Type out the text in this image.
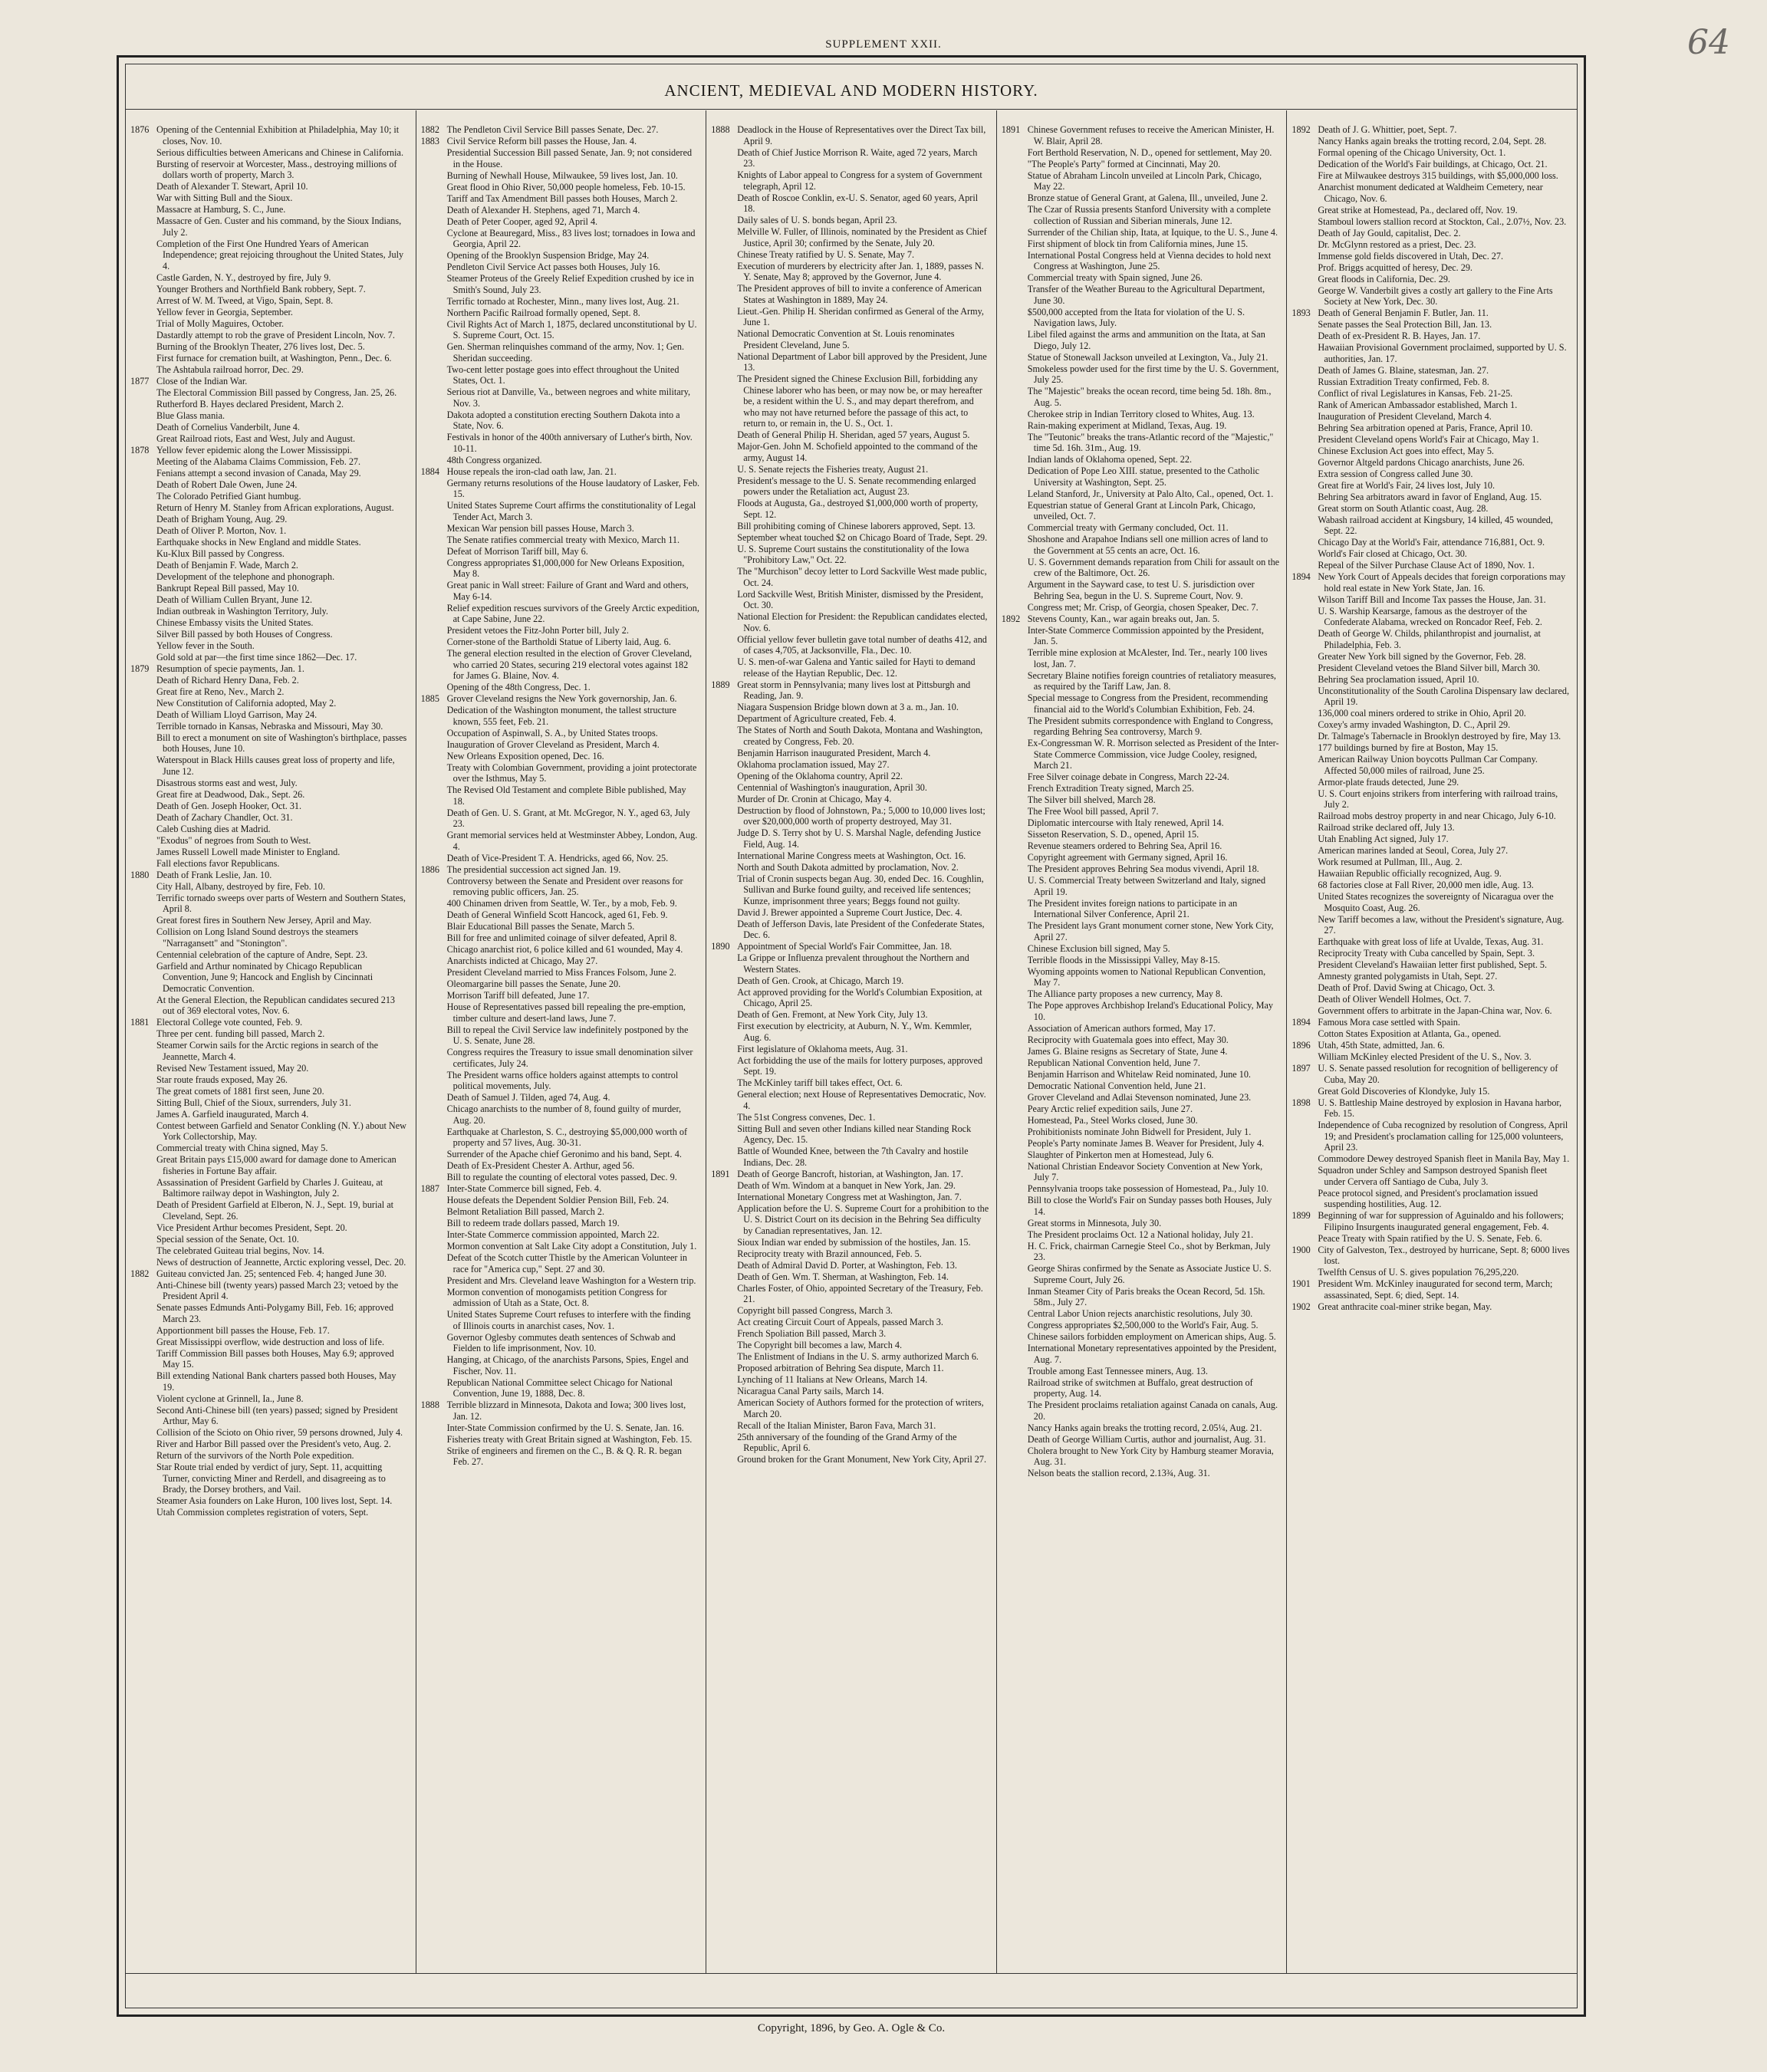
SUPPLEMENT XXII.	64
ANCIENT, MEDIEVAL AND MODERN HISTORY.
1876 Opening of the Centennial Exhibition at Philadelphia, May 10; it closes, Nov. 10.
Serious difficulties between Americans and Chinese in California.
Bursting of reservoir at Worcester, Mass., destroying millions of dollars worth of property, March 3.
Death of Alexander T. Stewart, April 10.
War with Sitting Bull and the Sioux.
Massacre at Hamburg, S. C., June.
Massacre of Gen. Custer and his command, by the Sioux Indians, July 2.
Completion of the First One Hundred Years of American Independence; great rejoicing throughout the United States, July 4.
Castle Garden, N. Y., destroyed by fire, July 9.
Younger Brothers and Northfield Bank robbery, Sept. 7.
Arrest of W. M. Tweed, at Vigo, Spain, Sept. 8.
Yellow fever in Georgia, September.
Trial of Molly Maguires, October.
Dastardly attempt to rob the grave of President Lincoln, Nov. 7.
Burning of the Brooklyn Theater, 276 lives lost, Dec. 5.
First furnace for cremation built, at Washington, Penn., Dec. 6.
The Ashtabula railroad horror, Dec. 29.
1877 Close of the Indian War.
The Electoral Commission Bill passed by Congress, Jan. 25, 26.
Rutherford B. Hayes declared President, March 2.
Blue Glass mania.
Death of Cornelius Vanderbilt, June 4.
Great Railroad riots, East and West, July and August.
1878 Yellow fever epidemic along the Lower Mississippi.
Meeting of the Alabama Claims Commission, Feb. 27.
Fenians attempt a second invasion of Canada, May 29.
Death of Robert Dale Owen, June 24.
The Colorado Petrified Giant humbug.
Return of Henry M. Stanley from African explorations, August.
Death of Brigham Young, Aug. 29.
Death of Oliver P. Morton, Nov. 1.
Earthquake shocks in New England and middle States.
Ku-Klux Bill passed by Congress.
Death of Benjamin F. Wade, March 2.
Development of the telephone and phonograph.
Bankrupt Repeal Bill passed, May 10.
Death of William Cullen Bryant, June 12.
Indian outbreak in Washington Territory, July.
Chinese Embassy visits the United States.
Silver Bill passed by both Houses of Congress.
Yellow fever in the South.
Gold sold at par—the first time since 1862—Dec. 17.
1879 Resumption of specie payments, Jan. 1.
Death of Richard Henry Dana, Feb. 2.
Great fire at Reno, Nev., March 2.
New Constitution of California adopted, May 2.
Death of William Lloyd Garrison, May 24.
Terrible tornado in Kansas, Nebraska and Missouri, May 30.
Bill to erect a monument on site of Washington's birthplace, passes both Houses, June 10.
Waterspout in Black Hills causes great loss of property and life, June 12.
Disastrous storms east and west, July.
Great fire at Deadwood, Dak., Sept. 26.
Death of Gen. Joseph Hooker, Oct. 31.
Death of Zachary Chandler, Oct. 31.
Caleb Cushing dies at Madrid.
"Exodus" of negroes from South to West.
James Russell Lowell made Minister to England.
Fall elections favor Republicans.
1880 Death of Frank Leslie, Jan. 10.
City Hall, Albany, destroyed by fire, Feb. 10.
Terrific tornado sweeps over parts of Western and Southern States, April 8.
Great forest fires in Southern New Jersey, April and May.
Collision on Long Island Sound destroys the steamers "Narragansett" and "Stonington".
Centennial celebration of the capture of Andre, Sept. 23.
Garfield and Arthur nominated by Chicago Republican Convention, June 9; Hancock and English by Cincinnati Democratic Convention.
At the General Election, the Republican candidates secured 213 out of 369 electoral votes, Nov. 6.
1881 Electoral College vote counted, Feb. 9.
Three per cent. funding bill passed, March 2.
Steamer Corwin sails for the Arctic regions in search of the Jeannette, March 4.
Revised New Testament issued, May 20.
Star route frauds exposed, May 26.
The great comets of 1881 first seen, June 20.
Sitting Bull, Chief of the Sioux, surrenders, July 31.
James A. Garfield inaugurated, March 4.
Contest between Garfield and Senator Conkling (N. Y.) about New York Collectorship, May.
Commercial treaty with China signed, May 5.
Great Britain pays £15,000 award for damage done to American fisheries in Fortune Bay affair.
Assassination of President Garfield by Charles J. Guiteau, at Baltimore railway depot in Washington, July 2.
Death of President Garfield at Elberon, N. J., Sept. 19, burial at Cleveland, Sept. 26.
Vice President Arthur becomes President, Sept. 20.
Special session of the Senate, Oct. 10.
The celebrated Guiteau trial begins, Nov. 14.
News of destruction of Jeannette, Arctic exploring vessel, Dec. 20.
1882 Guiteau convicted Jan. 25; sentenced Feb. 4; hanged June 30.
Anti-Chinese bill (twenty years) passed March 23; vetoed by the President April 4.
Senate passes Edmunds Anti-Polygamy Bill, Feb. 16; approved March 23.
Apportionment bill passes the House, Feb. 17.
Great Mississippi overflow, wide destruction and loss of life.
Tariff Commission Bill passes both Houses, May 6.9; approved May 15.
Bill extending National Bank charters passed both Houses, May 19.
Violent cyclone at Grinnell, Ia., June 8.
Second Anti-Chinese bill (ten years) passed; signed by President Arthur, May 6.
Collision of the Scioto on Ohio river, 59 persons drowned, July 4.
River and Harbor Bill passed over the President's veto, Aug. 2.
Return of the survivors of the North Pole expedition.
Star Route trial ended by verdict of jury, Sept. 11, acquitting Turner, convicting Miner and Rerdell, and disagreeing as to Brady, the Dorsey brothers, and Vail.
Steamer Asia founders on Lake Huron, 100 lives lost, Sept. 14.
Utah Commission completes registration of voters, Sept.
1882 The Pendleton Civil Service Bill passes Senate, Dec. 27.
1883 Civil Service Reform bill passes the House, Jan. 4.
Presidential Succession Bill passed Senate, Jan. 9; not considered in the House.
Burning of Newhall House, Milwaukee, 59 lives lost, Jan. 10.
Great flood in Ohio River, 50,000 people homeless, Feb. 10-15.
Tariff and Tax Amendment Bill passes both Houses, March 2.
Death of Alexander H. Stephens, aged 71, March 4.
Death of Peter Cooper, aged 92, April 4.
Cyclone at Beauregard, Miss., 83 lives lost; tornadoes in Iowa and Georgia, April 22.
Opening of the Brooklyn Suspension Bridge, May 24.
Pendleton Civil Service Act passes both Houses, July 16.
Steamer Proteus of the Greely Relief Expedition crushed by ice in Smith's Sound, July 23.
Terrific tornado at Rochester, Minn., many lives lost, Aug. 21.
Northern Pacific Railroad formally opened, Sept. 8.
Civil Rights Act of March 1, 1875, declared unconstitutional by U. S. Supreme Court, Oct. 15.
Gen. Sherman relinquishes command of the army, Nov. 1; Gen. Sheridan succeeding.
Two-cent letter postage goes into effect throughout the United States, Oct. 1.
Serious riot at Danville, Va., between negroes and white military, Nov. 3.
Dakota adopted a constitution erecting Southern Dakota into a State, Nov. 6.
Festivals in honor of the 400th anniversary of Luther's birth, Nov. 10-11.
48th Congress organized.
1884 House repeals the iron-clad oath law, Jan. 21.
Germany returns resolutions of the House laudatory of Lasker, Feb. 15.
United States Supreme Court affirms the constitutionality of Legal Tender Act, March 3.
Mexican War pension bill passes House, March 3.
The Senate ratifies commercial treaty with Mexico, March 11.
Defeat of Morrison Tariff bill, May 6.
Congress appropriates $1,000,000 for New Orleans Exposition, May 8.
Great panic in Wall street: Failure of Grant and Ward and others, May 6-14.
Relief expedition rescues survivors of the Greely Arctic expedition, at Cape Sabine, June 22.
President vetoes the Fitz-John Porter bill, July 2.
Corner-stone of the Bartholdi Statue of Liberty laid, Aug. 6.
The general election resulted in the election of Grover Cleveland, who carried 20 States, securing 219 electoral votes against 182 for James G. Blaine, Nov. 4.
Opening of the 48th Congress, Dec. 1.
1885 Grover Cleveland resigns the New York governorship, Jan. 6.
Dedication of the Washington monument, the tallest structure known, 555 feet, Feb. 21.
Occupation of Aspinwall, S. A., by United States troops.
Inauguration of Grover Cleveland as President, March 4.
New Orleans Exposition opened, Dec. 16.
Treaty with Colombian Government, providing a joint protectorate over the Isthmus, May 5.
The Revised Old Testament and complete Bible published, May 18.
Death of Gen. U. S. Grant, at Mt. McGregor, N. Y., aged 63, July 23.
Grant memorial services held at Westminster Abbey, London, Aug. 4.
Death of Vice-President T. A. Hendricks, aged 66, Nov. 25.
1886 The presidential succession act signed Jan. 19.
Controversy between the Senate and President over reasons for removing public officers, Jan. 25.
400 Chinamen driven from Seattle, W. Ter., by a mob, Feb. 9.
Death of General Winfield Scott Hancock, aged 61, Feb. 9.
Blair Educational Bill passes the Senate, March 5.
Bill for free and unlimited coinage of silver defeated, April 8.
Chicago anarchist riot, 6 police killed and 61 wounded, May 4.
Anarchists indicted at Chicago, May 27.
President Cleveland married to Miss Frances Folsom, June 2.
Oleomargarine bill passes the Senate, June 20.
Morrison Tariff bill defeated, June 17.
House of Representatives passed bill repealing the pre-emption, timber culture and desert-land laws, June 7.
Bill to repeal the Civil Service law indefinitely postponed by the U. S. Senate, June 28.
Congress requires the Treasury to issue small denomination silver certificates, July 24.
The President warns office holders against attempts to control political movements, July.
Death of Samuel J. Tilden, aged 74, Aug. 4.
Chicago anarchists to the number of 8, found guilty of murder, Aug. 20.
Earthquake at Charleston, S. C., destroying $5,000,000 worth of property and 57 lives, Aug. 30-31.
Surrender of the Apache chief Geronimo and his band, Sept. 4.
Death of Ex-President Chester A. Arthur, aged 56.
Bill to regulate the counting of electoral votes passed, Dec. 9.
1887 Inter-State Commerce bill signed, Feb. 4.
House defeats the Dependent Soldier Pension Bill, Feb. 24.
Belmont Retaliation Bill passed, March 2.
Bill to redeem trade dollars passed, March 19.
Inter-State Commerce commission appointed, March 22.
Mormon convention at Salt Lake City adopt a Constitution, July 1.
Defeat of the Scotch cutter Thistle by the American Volunteer in race for "America cup," Sept. 27 and 30.
President and Mrs. Cleveland leave Washington for a Western trip.
Mormon convention of monogamists petition Congress for admission of Utah as a State, Oct. 8.
United States Supreme Court refuses to interfere with the finding of Illinois courts in anarchist cases, Nov. 1.
Governor Oglesby commutes death sentences of Schwab and Fielden to life imprisonment, Nov. 10.
Hanging, at Chicago, of the anarchists Parsons, Spies, Engel and Fischer, Nov. 11.
Republican National Committee select Chicago for National Convention, June 19, 1888, Dec. 8.
1888 Terrible blizzard in Minnesota, Dakota and Iowa; 300 lives lost, Jan. 12.
Inter-State Commission confirmed by the U. S. Senate, Jan. 16.
Fisheries treaty with Great Britain signed at Washington, Feb. 15.
Strike of engineers and firemen on the C., B. & Q. R. R. began Feb. 27.
1888 Deadlock in the House of Representatives over the Direct Tax bill, April 9.
Death of Chief Justice Morrison R. Waite, aged 72 years, March 23.
Knights of Labor appeal to Congress for a system of Government telegraph, April 12.
Death of Roscoe Conklin, ex-U. S. Senator, aged 60 years, April 18.
Daily sales of U. S. bonds began, April 23.
Melville W. Fuller, of Illinois, nominated by the President as Chief Justice, April 30; confirmed by the Senate, July 20.
Chinese Treaty ratified by U. S. Senate, May 7.
Execution of murderers by electricity after Jan. 1, 1889, passes N. Y. Senate, May 8; approved by the Governor, June 4.
The President approves of bill to invite a conference of American States at Washington in 1889, May 24.
Lieut.-Gen. Philip H. Sheridan confirmed as General of the Army, June 1.
National Democratic Convention at St. Louis renominates President Cleveland, June 5.
National Department of Labor bill approved by the President, June 13.
The President signed the Chinese Exclusion Bill, forbidding any Chinese laborer who has been, or may now be, or may hereafter be, a resident within the U. S., and may depart therefrom, and who may not have returned before the passage of this act, to return to, or remain in, the U. S., Oct. 1.
Death of General Philip H. Sheridan, aged 57 years, August 5.
Major-Gen. John M. Schofield appointed to the command of the army, August 14.
U. S. Senate rejects the Fisheries treaty, August 21.
President's message to the U. S. Senate recommending enlarged powers under the Retaliation act, August 23.
Floods at Augusta, Ga., destroyed $1,000,000 worth of property, Sept. 12.
Bill prohibiting coming of Chinese laborers approved, Sept. 13.
September wheat touched $2 on Chicago Board of Trade, Sept. 29.
U. S. Supreme Court sustains the constitutionality of the Iowa "Prohibitory Law," Oct. 22.
The "Murchison" decoy letter to Lord Sackville West made public, Oct. 24.
Lord Sackville West, British Minister, dismissed by the President, Oct. 30.
National Election for President: the Republican candidates elected, Nov. 6.
Official yellow fever bulletin gave total number of deaths 412, and of cases 4,705, at Jacksonville, Fla., Dec. 10.
U. S. men-of-war Galena and Yantic sailed for Hayti to demand release of the Haytian Republic, Dec. 12.
1889 Great storm in Pennsylvania; many lives lost at Pittsburgh and Reading, Jan. 9.
Niagara Suspension Bridge blown down at 3 a. m., Jan. 10.
Department of Agriculture created, Feb. 4.
The States of North and South Dakota, Montana and Washington, created by Congress, Feb. 20.
Benjamin Harrison inaugurated President, March 4.
Oklahoma proclamation issued, May 27.
Opening of the Oklahoma country, April 22.
Centennial of Washington's inauguration, April 30.
Murder of Dr. Cronin at Chicago, May 4.
Destruction by flood of Johnstown, Pa.; 5,000 to 10,000 lives lost; over $20,000,000 worth of property destroyed, May 31.
Judge D. S. Terry shot by U. S. Marshal Nagle, defending Justice Field, Aug. 14.
International Marine Congress meets at Washington, Oct. 16.
North and South Dakota admitted by proclamation, Nov. 2.
Trial of Cronin suspects began Aug. 30, ended Dec. 16. Coughlin, Sullivan and Burke found guilty, and received life sentences; Kunze, imprisonment three years; Beggs found not guilty.
David J. Brewer appointed a Supreme Court Justice, Dec. 4.
Death of Jefferson Davis, late President of the Confederate States, Dec. 6.
1890 Appointment of Special World's Fair Committee, Jan. 18.
La Grippe or Influenza prevalent throughout the Northern and Western States.
Death of Gen. Crook, at Chicago, March 19.
Act approved providing for the World's Columbian Exposition, at Chicago, April 25.
Death of Gen. Fremont, at New York City, July 13.
First execution by electricity, at Auburn, N. Y., Wm. Kemmler, Aug. 6.
First legislature of Oklahoma meets, Aug. 31.
Act forbidding the use of the mails for lottery purposes, approved Sept. 19.
The McKinley tariff bill takes effect, Oct. 6.
General election; next House of Representatives Democratic, Nov. 4.
The 51st Congress convenes, Dec. 1.
Sitting Bull and seven other Indians killed near Standing Rock Agency, Dec. 15.
Battle of Wounded Knee, between the 7th Cavalry and hostile Indians, Dec. 28.
1891 Death of George Bancroft, historian, at Washington, Jan. 17.
Death of Wm. Windom at a banquet in New York, Jan. 29.
International Monetary Congress met at Washington, Jan. 7.
Application before the U. S. Supreme Court for a prohibition to the U. S. District Court on its decision in the Behring Sea difficulty by Canadian representatives, Jan. 12.
Sioux Indian war ended by submission of the hostiles, Jan. 15.
Reciprocity treaty with Brazil announced, Feb. 5.
Death of Admiral David D. Porter, at Washington, Feb. 13.
Death of Gen. Wm. T. Sherman, at Washington, Feb. 14.
Charles Foster, of Ohio, appointed Secretary of the Treasury, Feb. 21.
Copyright bill passed Congress, March 3.
Act creating Circuit Court of Appeals, passed March 3.
French Spoliation Bill passed, March 3.
The Copyright bill becomes a law, March 4.
The Enlistment of Indians in the U. S. army authorized March 6.
Proposed arbitration of Behring Sea dispute, March 11.
Lynching of 11 Italians at New Orleans, March 14.
Nicaragua Canal Party sails, March 14.
American Society of Authors formed for the protection of writers, March 20.
Recall of the Italian Minister, Baron Fava, March 31.
25th anniversary of the founding of the Grand Army of the Republic, April 6.
Ground broken for the Grant Monument, New York City, April 27.
1891 Chinese Government refuses to receive the American Minister, H. W. Blair, April 28.
Fort Berthold Reservation, N. D., opened for settlement, May 20.
"The People's Party" formed at Cincinnati, May 20.
Statue of Abraham Lincoln unveiled at Lincoln Park, Chicago, May 22.
Bronze statue of General Grant, at Galena, Ill., unveiled, June 2.
The Czar of Russia presents Stanford University with a complete collection of Russian and Siberian minerals, June 12.
Surrender of the Chilian ship, Itata, at Iquique, to the U. S., June 4.
First shipment of block tin from California mines, June 15.
International Postal Congress held at Vienna decides to hold next Congress at Washington, June 25.
Commercial treaty with Spain signed, June 26.
Transfer of the Weather Bureau to the Agricultural Department, June 30.
$500,000 accepted from the Itata for violation of the U. S. Navigation laws, July.
Libel filed against the arms and ammunition on the Itata, at San Diego, July 12.
Statue of Stonewall Jackson unveiled at Lexington, Va., July 21.
Smokeless powder used for the first time by the U. S. Government, July 25.
The "Majestic" breaks the ocean record, time being 5d. 18h. 8m., Aug. 5.
Cherokee strip in Indian Territory closed to Whites, Aug. 13.
Rain-making experiment at Midland, Texas, Aug. 19.
The "Teutonic" breaks the trans-Atlantic record of the "Majestic," time 5d. 16h. 31m., Aug. 19.
Indian lands of Oklahoma opened, Sept. 22.
Dedication of Pope Leo XIII. statue, presented to the Catholic University at Washington, Sept. 25.
Leland Stanford, Jr., University at Palo Alto, Cal., opened, Oct. 1.
Equestrian statue of General Grant at Lincoln Park, Chicago, unveiled, Oct. 7.
Commercial treaty with Germany concluded, Oct. 11.
Shoshone and Arapahoe Indians sell one million acres of land to the Government at 55 cents an acre, Oct. 16.
U. S. Government demands reparation from Chili for assault on the crew of the Baltimore, Oct. 26.
Argument in the Sayward case, to test U. S. jurisdiction over Behring Sea, begun in the U. S. Supreme Court, Nov. 9.
Congress met; Mr. Crisp, of Georgia, chosen Speaker, Dec. 7.
1892 Stevens County, Kan., war again breaks out, Jan. 5.
Inter-State Commerce Commission appointed by the President, Jan. 5.
Terrible mine explosion at McAlester, Ind. Ter., nearly 100 lives lost, Jan. 7.
Secretary Blaine notifies foreign countries of retaliatory measures, as required by the Tariff Law, Jan. 8.
Special message to Congress from the President, recommending financial aid to the World's Columbian Exhibition, Feb. 24.
The President submits correspondence with England to Congress, regarding Behring Sea controversy, March 9.
Ex-Congressman W. R. Morrison selected as President of the Inter-State Commerce Commission, vice Judge Cooley, resigned, March 21.
Free Silver coinage debate in Congress, March 22-24.
French Extradition Treaty signed, March 25.
The Silver bill shelved, March 28.
The Free Wool bill passed, April 7.
Diplomatic intercourse with Italy renewed, April 14.
Sisseton Reservation, S. D., opened, April 15.
Revenue steamers ordered to Behring Sea, April 16.
Copyright agreement with Germany signed, April 16.
The President approves Behring Sea modus vivendi, April 18.
U. S. Commercial Treaty between Switzerland and Italy, signed April 19.
The President invites foreign nations to participate in an International Silver Conference, April 21.
The President lays Grant monument corner stone, New York City, April 27.
Chinese Exclusion bill signed, May 5.
Terrible floods in the Mississippi Valley, May 8-15.
Wyoming appoints women to National Republican Convention, May 7.
The Alliance party proposes a new currency, May 8.
The Pope approves Archbishop Ireland's Educational Policy, May 10.
Association of American authors formed, May 17.
Reciprocity with Guatemala goes into effect, May 30.
James G. Blaine resigns as Secretary of State, June 4.
Republican National Convention held, June 7.
Benjamin Harrison and Whitelaw Reid nominated, June 10.
Democratic National Convention held, June 21.
Grover Cleveland and Adlai Stevenson nominated, June 23.
Peary Arctic relief expedition sails, June 27.
Homestead, Pa., Steel Works closed, June 30.
Prohibitionists nominate John Bidwell for President, July 1.
People's Party nominate James B. Weaver for President, July 4.
Slaughter of Pinkerton men at Homestead, July 6.
National Christian Endeavor Society Convention at New York, July 7.
Pennsylvania troops take possession of Homestead, Pa., July 10.
Bill to close the World's Fair on Sunday passes both Houses, July 14.
Great storms in Minnesota, July 30.
The President proclaims Oct. 12 a National holiday, July 21.
H. C. Frick, chairman Carnegie Steel Co., shot by Berkman, July 23.
George Shiras confirmed by the Senate as Associate Justice U. S. Supreme Court, July 26.
Inman Steamer City of Paris breaks the Ocean Record, 5d. 15h. 58m., July 27.
Central Labor Union rejects anarchistic resolutions, July 30.
Congress appropriates $2,500,000 to the World's Fair, Aug. 5.
Chinese sailors forbidden employment on American ships, Aug. 5.
International Monetary representatives appointed by the President, Aug. 7.
Trouble among East Tennessee miners, Aug. 13.
Railroad strike of switchmen at Buffalo, great destruction of property, Aug. 14.
The President proclaims retaliation against Canada on canals, Aug. 20.
Nancy Hanks again breaks the trotting record, 2.05¼, Aug. 21.
Death of George William Curtis, author and journalist, Aug. 31.
Cholera brought to New York City by Hamburg steamer Moravia, Aug. 31.
Nelson beats the stallion record, 2.13¾, Aug. 31.
1892 Death of J. G. Whittier, poet, Sept. 7.
Nancy Hanks again breaks the trotting record, 2.04, Sept. 28.
Formal opening of the Chicago University, Oct. 1.
Dedication of the World's Fair buildings, at Chicago, Oct. 21.
Fire at Milwaukee destroys 315 buildings, with $5,000,000 loss.
Anarchist monument dedicated at Waldheim Cemetery, near Chicago, Nov. 6.
Great strike at Homestead, Pa., declared off, Nov. 19.
Stamboul lowers stallion record at Stockton, Cal., 2.07½, Nov. 23.
Death of Jay Gould, capitalist, Dec. 2.
Dr. McGlynn restored as a priest, Dec. 23.
Immense gold fields discovered in Utah, Dec. 27.
Prof. Briggs acquitted of heresy, Dec. 29.
Great floods in California, Dec. 29.
George W. Vanderbilt gives a costly art gallery to the Fine Arts Society at New York, Dec. 30.
1893 Death of General Benjamin F. Butler, Jan. 11.
Senate passes the Seal Protection Bill, Jan. 13.
Death of ex-President R. B. Hayes, Jan. 17.
Hawaiian Provisional Government proclaimed, supported by U. S. authorities, Jan. 17.
Death of James G. Blaine, statesman, Jan. 27.
Russian Extradition Treaty confirmed, Feb. 8.
Conflict of rival Legislatures in Kansas, Feb. 21-25.
Rank of American Ambassador established, March 1.
Inauguration of President Cleveland, March 4.
Behring Sea arbitration opened at Paris, France, April 10.
President Cleveland opens World's Fair at Chicago, May 1.
Chinese Exclusion Act goes into effect, May 5.
Governor Altgeld pardons Chicago anarchists, June 26.
Extra session of Congress called June 30.
Great fire at World's Fair, 24 lives lost, July 10.
Behring Sea arbitrators award in favor of England, Aug. 15.
Great storm on South Atlantic coast, Aug. 28.
Wabash railroad accident at Kingsbury, 14 killed, 45 wounded, Sept. 22.
Chicago Day at the World's Fair, attendance 716,881, Oct. 9.
World's Fair closed at Chicago, Oct. 30.
Repeal of the Silver Purchase Clause Act of 1890, Nov. 1.
1894 New York Court of Appeals decides that foreign corporations may hold real estate in New York State, Jan. 16.
Wilson Tariff Bill and Income Tax passes the House, Jan. 31.
U. S. Warship Kearsarge, famous as the destroyer of the Confederate Alabama, wrecked on Roncador Reef, Feb. 2.
Death of George W. Childs, philanthropist and journalist, at Philadelphia, Feb. 3.
Greater New York bill signed by the Governor, Feb. 28.
President Cleveland vetoes the Bland Silver bill, March 30.
Behring Sea proclamation issued, April 10.
Unconstitutionality of the South Carolina Dispensary law declared, April 19.
136,000 coal miners ordered to strike in Ohio, April 20.
Coxey's army invaded Washington, D. C., April 29.
Dr. Talmage's Tabernacle in Brooklyn destroyed by fire, May 13.
177 buildings burned by fire at Boston, May 15.
American Railway Union boycotts Pullman Car Company. Affected 50,000 miles of railroad, June 25.
Armor-plate frauds detected, June 29.
U. S. Court enjoins strikers from interfering with railroad trains, July 2.
Railroad mobs destroy property in and near Chicago, July 6-10.
Railroad strike declared off, July 13.
Utah Enabling Act signed, July 17.
American marines landed at Seoul, Corea, July 27.
Work resumed at Pullman, Ill., Aug. 2.
Hawaiian Republic officially recognized, Aug. 9.
68 factories close at Fall River, 20,000 men idle, Aug. 13.
United States recognizes the sovereignty of Nicaragua over the Mosquito Coast, Aug. 26.
New Tariff becomes a law, without the President's signature, Aug. 27.
Earthquake with great loss of life at Uvalde, Texas, Aug. 31.
Reciprocity Treaty with Cuba cancelled by Spain, Sept. 3.
President Cleveland's Hawaiian letter first published, Sept. 5.
Amnesty granted polygamists in Utah, Sept. 27.
Death of Prof. David Swing at Chicago, Oct. 3.
Death of Oliver Wendell Holmes, Oct. 7.
Government offers to arbitrate in the Japan-China war, Nov. 6.
1894 Famous Mora case settled with Spain.
Cotton States Exposition at Atlanta, Ga., opened.
1896 Utah, 45th State, admitted, Jan. 6.
William McKinley elected President of the U. S., Nov. 3.
1897 U. S. Senate passed resolution for recognition of belligerency of Cuba, May 20.
Great Gold Discoveries of Klondyke, July 15.
1898 U. S. Battleship Maine destroyed by explosion in Havana harbor, Feb. 15.
Independence of Cuba recognized by resolution of Congress, April 19; and President's proclamation calling for 125,000 volunteers, April 23.
Commodore Dewey destroyed Spanish fleet in Manila Bay, May 1.
Squadron under Schley and Sampson destroyed Spanish fleet under Cervera off Santiago de Cuba, July 3.
Peace protocol signed, and President's proclamation issued suspending hostilities, Aug. 12.
1899 Beginning of war for suppression of Aguinaldo and his followers; Filipino Insurgents inaugurated general engagement, Feb. 4.
Peace Treaty with Spain ratified by the U. S. Senate, Feb. 6.
1900 City of Galveston, Tex., destroyed by hurricane, Sept. 8; 6000 lives lost.
Twelfth Census of U. S. gives population 76,295,220.
1901 President Wm. McKinley inaugurated for second term, March; assassinated, Sept. 6; died, Sept. 14.
1902 Great anthracite coal-miner strike began, May.
Copyright, 1896, by Geo. A. Ogle & Co.
